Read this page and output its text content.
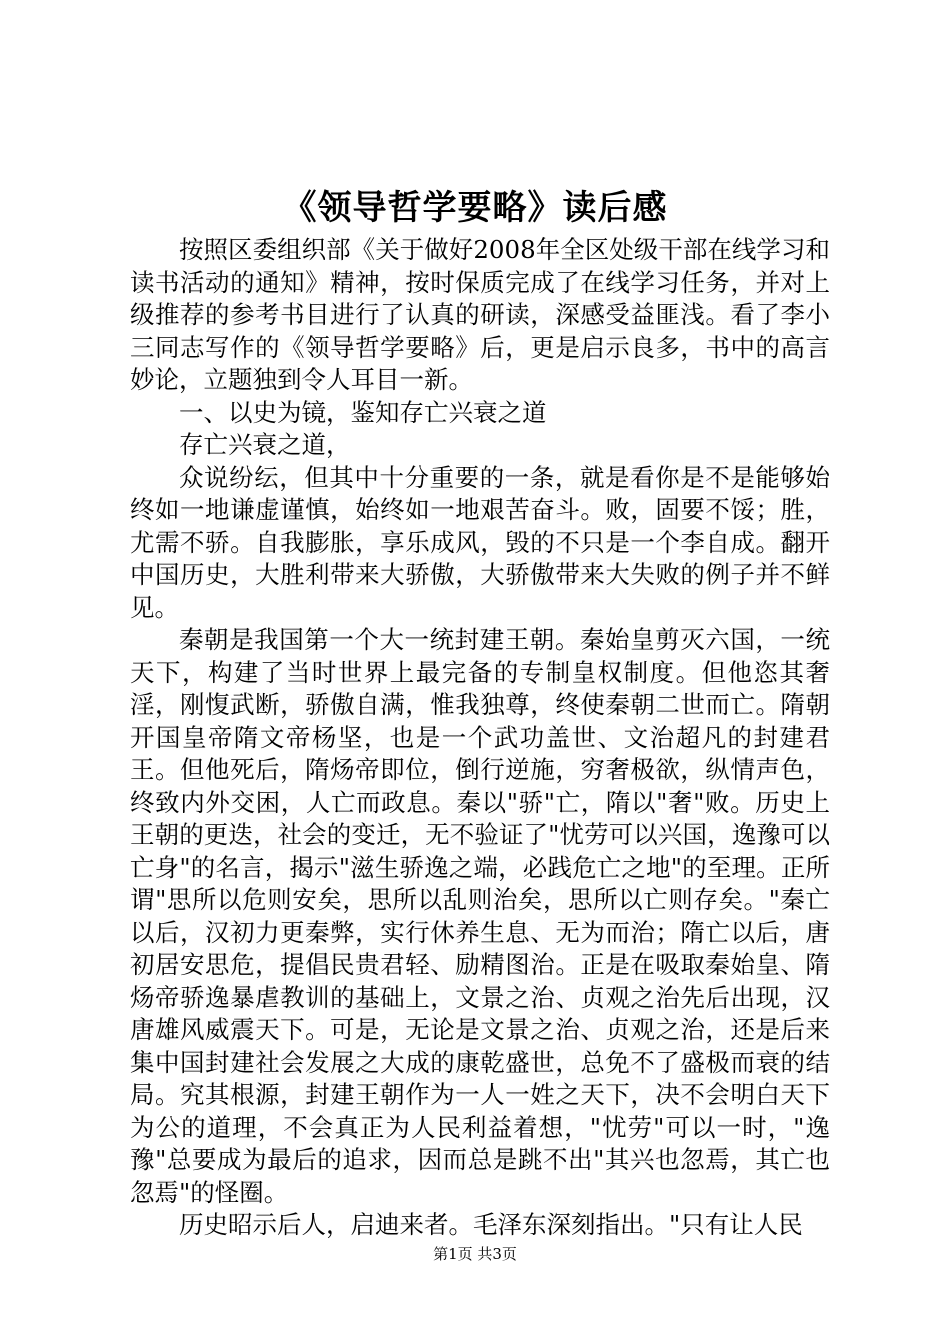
《领导哲学要略》读后感

按照区委组织部《关于做好2008年全区处级干部在线学习和读书活动的通知》精神，按时保质完成了在线学习任务，并对上级推荐的参考书目进行了认真的研读，深感受益匪浅。看了李小三同志写作的《领导哲学要略》后，更是启示良多，书中的高言妙论，立题独到令人耳目一新。

一、以史为镜，鉴知存亡兴衰之道

存亡兴衰之道，

众说纷纭，但其中十分重要的一条，就是看你是不是能够始终如一地谦虚谨慎，始终如一地艰苦奋斗。败，固要不馁；胜，尤需不骄。自我膨胀，享乐成风，毁的不只是一个李自成。翻开中国历史，大胜利带来大骄傲，大骄傲带来大失败的例子并不鲜见。

秦朝是我国第一个大一统封建王朝。秦始皇剪灭六国，一统天下，构建了当时世界上最完备的专制皇权制度。但他恣其奢淫，刚愎武断，骄傲自满，惟我独尊，终使秦朝二世而亡。隋朝开国皇帝隋文帝杨坚，也是一个武功盖世、文治超凡的封建君王。但他死后，隋炀帝即位，倒行逆施，穷奢极欲，纵情声色，终致内外交困，人亡而政息。秦以"骄"亡，隋以"奢"败。历史上王朝的更迭，社会的变迁，无不验证了"忧劳可以兴国，逸豫可以亡身"的名言，揭示"滋生骄逸之端，必践危亡之地"的至理。正所谓"思所以危则安矣，思所以乱则治矣，思所以亡则存矣。"秦亡以后，汉初力更秦弊，实行休养生息、无为而治；隋亡以后，唐初居安思危，提倡民贵君轻、励精图治。正是在吸取秦始皇、隋炀帝骄逸暴虐教训的基础上，文景之治、贞观之治先后出现，汉唐雄风威震天下。可是，无论是文景之治、贞观之治，还是后来集中国封建社会发展之大成的康乾盛世，总免不了盛极而衰的结局。究其根源，封建王朝作为一人一姓之天下，决不会明白天下为公的道理，不会真正为人民利益着想，"忧劳"可以一时，"逸豫"总要成为最后的追求，因而总是跳不出"其兴也忽焉，其亡也忽焉"的怪圈。

历史昭示后人，启迪来者。毛泽东深刻指出。"只有让人民

第1页 共3页
